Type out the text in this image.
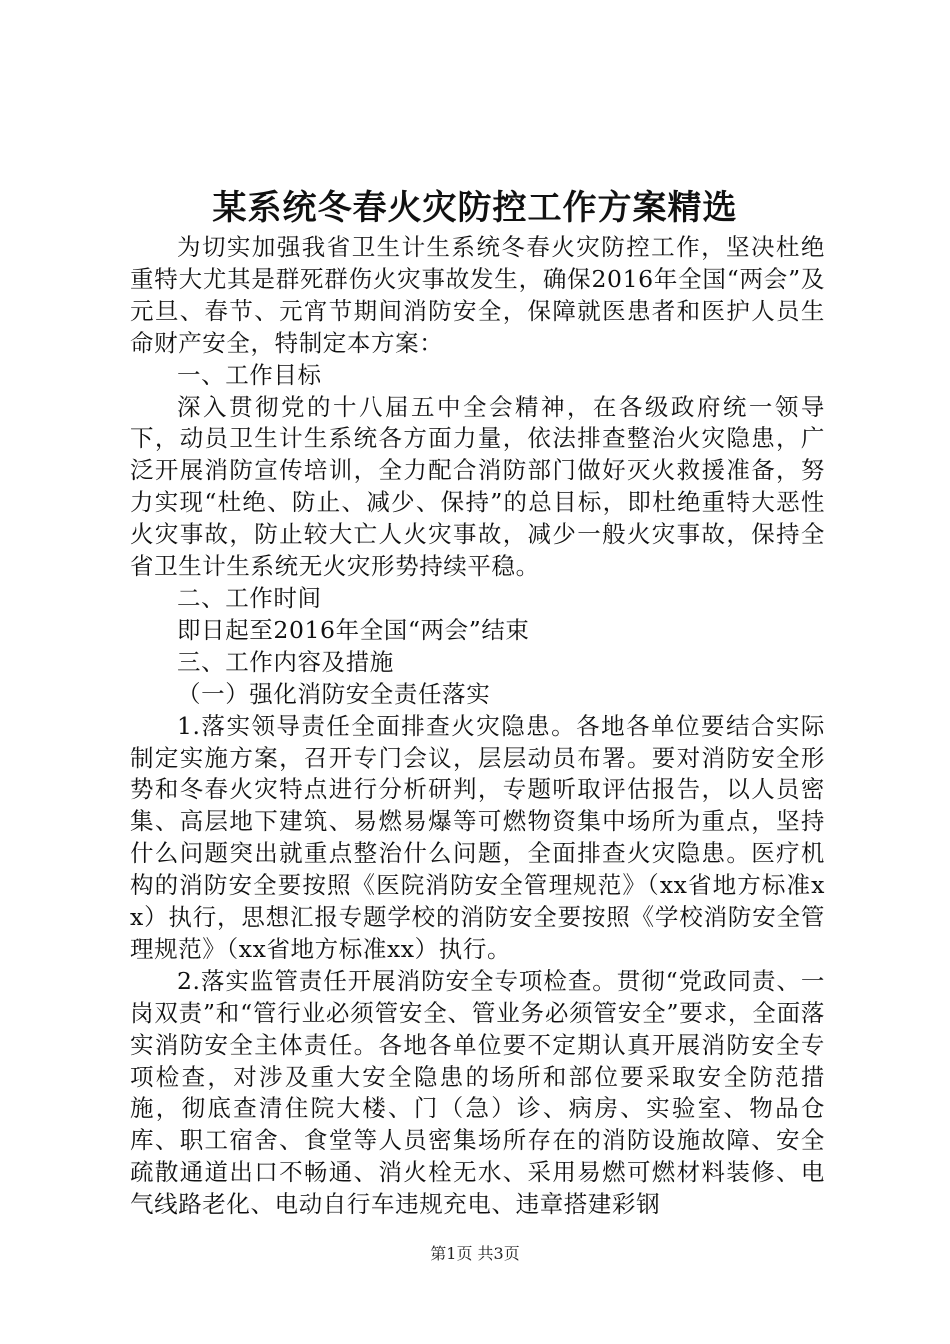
某系统冬春火灾防控工作方案精选

为切实加强我省卫生计生系统冬春火灾防控工作，坚决杜绝重特大尤其是群死群伤火灾事故发生，确保2016年全国“两会”及元旦、春节、元宵节期间消防安全，保障就医患者和医护人员生命财产安全，特制定本方案：

一、工作目标

深入贯彻党的十八届五中全会精神，在各级政府统一领导下，动员卫生计生系统各方面力量，依法排查整治火灾隐患，广泛开展消防宣传培训，全力配合消防部门做好灭火救援准备，努力实现“杜绝、防止、减少、保持”的总目标，即杜绝重特大恶性火灾事故，防止较大亡人火灾事故，减少一般火灾事故，保持全省卫生计生系统无火灾形势持续平稳。

二、工作时间

即日起至2016年全国“两会”结束

三、工作内容及措施

（一）强化消防安全责任落实

1.落实领导责任全面排查火灾隐患。各地各单位要结合实际制定实施方案，召开专门会议，层层动员布署。要对消防安全形势和冬春火灾特点进行分析研判，专题听取评估报告，以人员密集、高层地下建筑、易燃易爆等可燃物资集中场所为重点，坚持什么问题突出就重点整治什么问题，全面排查火灾隐患。医疗机构的消防安全要按照《医院消防安全管理规范》（xx省地方标准xx）执行，思想汇报专题学校的消防安全要按照《学校消防安全管理规范》（xx省地方标准xx）执行。

2.落实监管责任开展消防安全专项检查。贯彻“党政同责、一岗双责”和“管行业必须管安全、管业务必须管安全”要求，全面落实消防安全主体责任。各地各单位要不定期认真开展消防安全专项检查，对涉及重大安全隐患的场所和部位要采取安全防范措施，彻底查清住院大楼、门（急）诊、病房、实验室、物品仓库、职工宿舍、食堂等人员密集场所存在的消防设施故障、安全疏散通道出口不畅通、消火栓无水、采用易燃可燃材料装修、电气线路老化、电动自行车违规充电、违章搭建彩钢

第1页 共3页
